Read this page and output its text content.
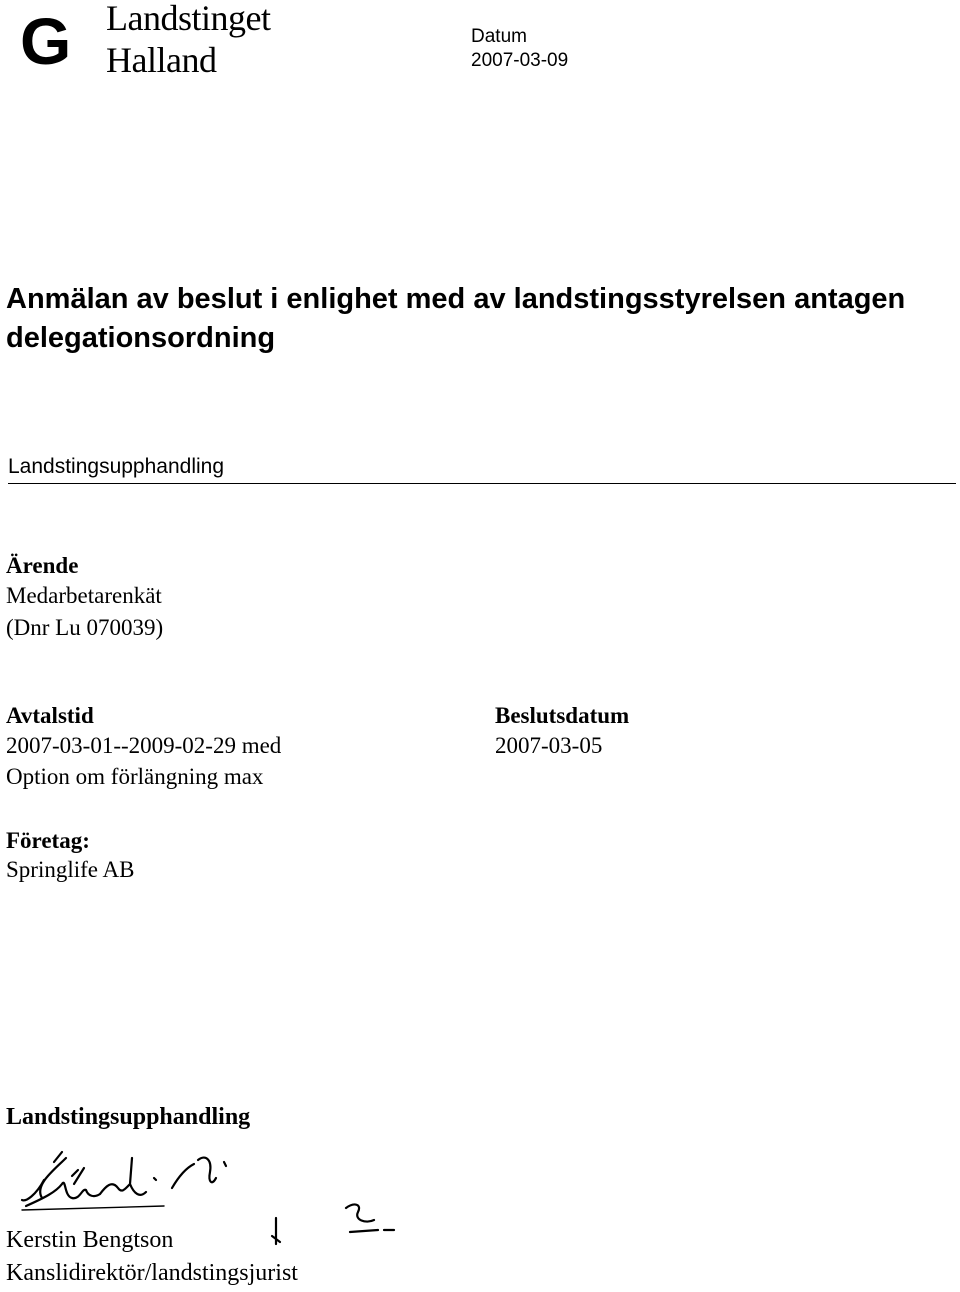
G Landstinget
Halland
Datum
2007-03-09
Anmälan av beslut i enlighet med av landstingsstyrelsen antagen delegationsordning
Landstingsupphandling
Ärende
Medarbetarenkät
(Dnr Lu 070039)
Avtalstid
2007-03-01--2009-02-29 med
Option om förlängning max
Beslutsdatum
2007-03-05
Företag:
Springlife AB
Landstingsupphandling
Kerstin Bengtson
Kanslidirektör/landstingsjurist
